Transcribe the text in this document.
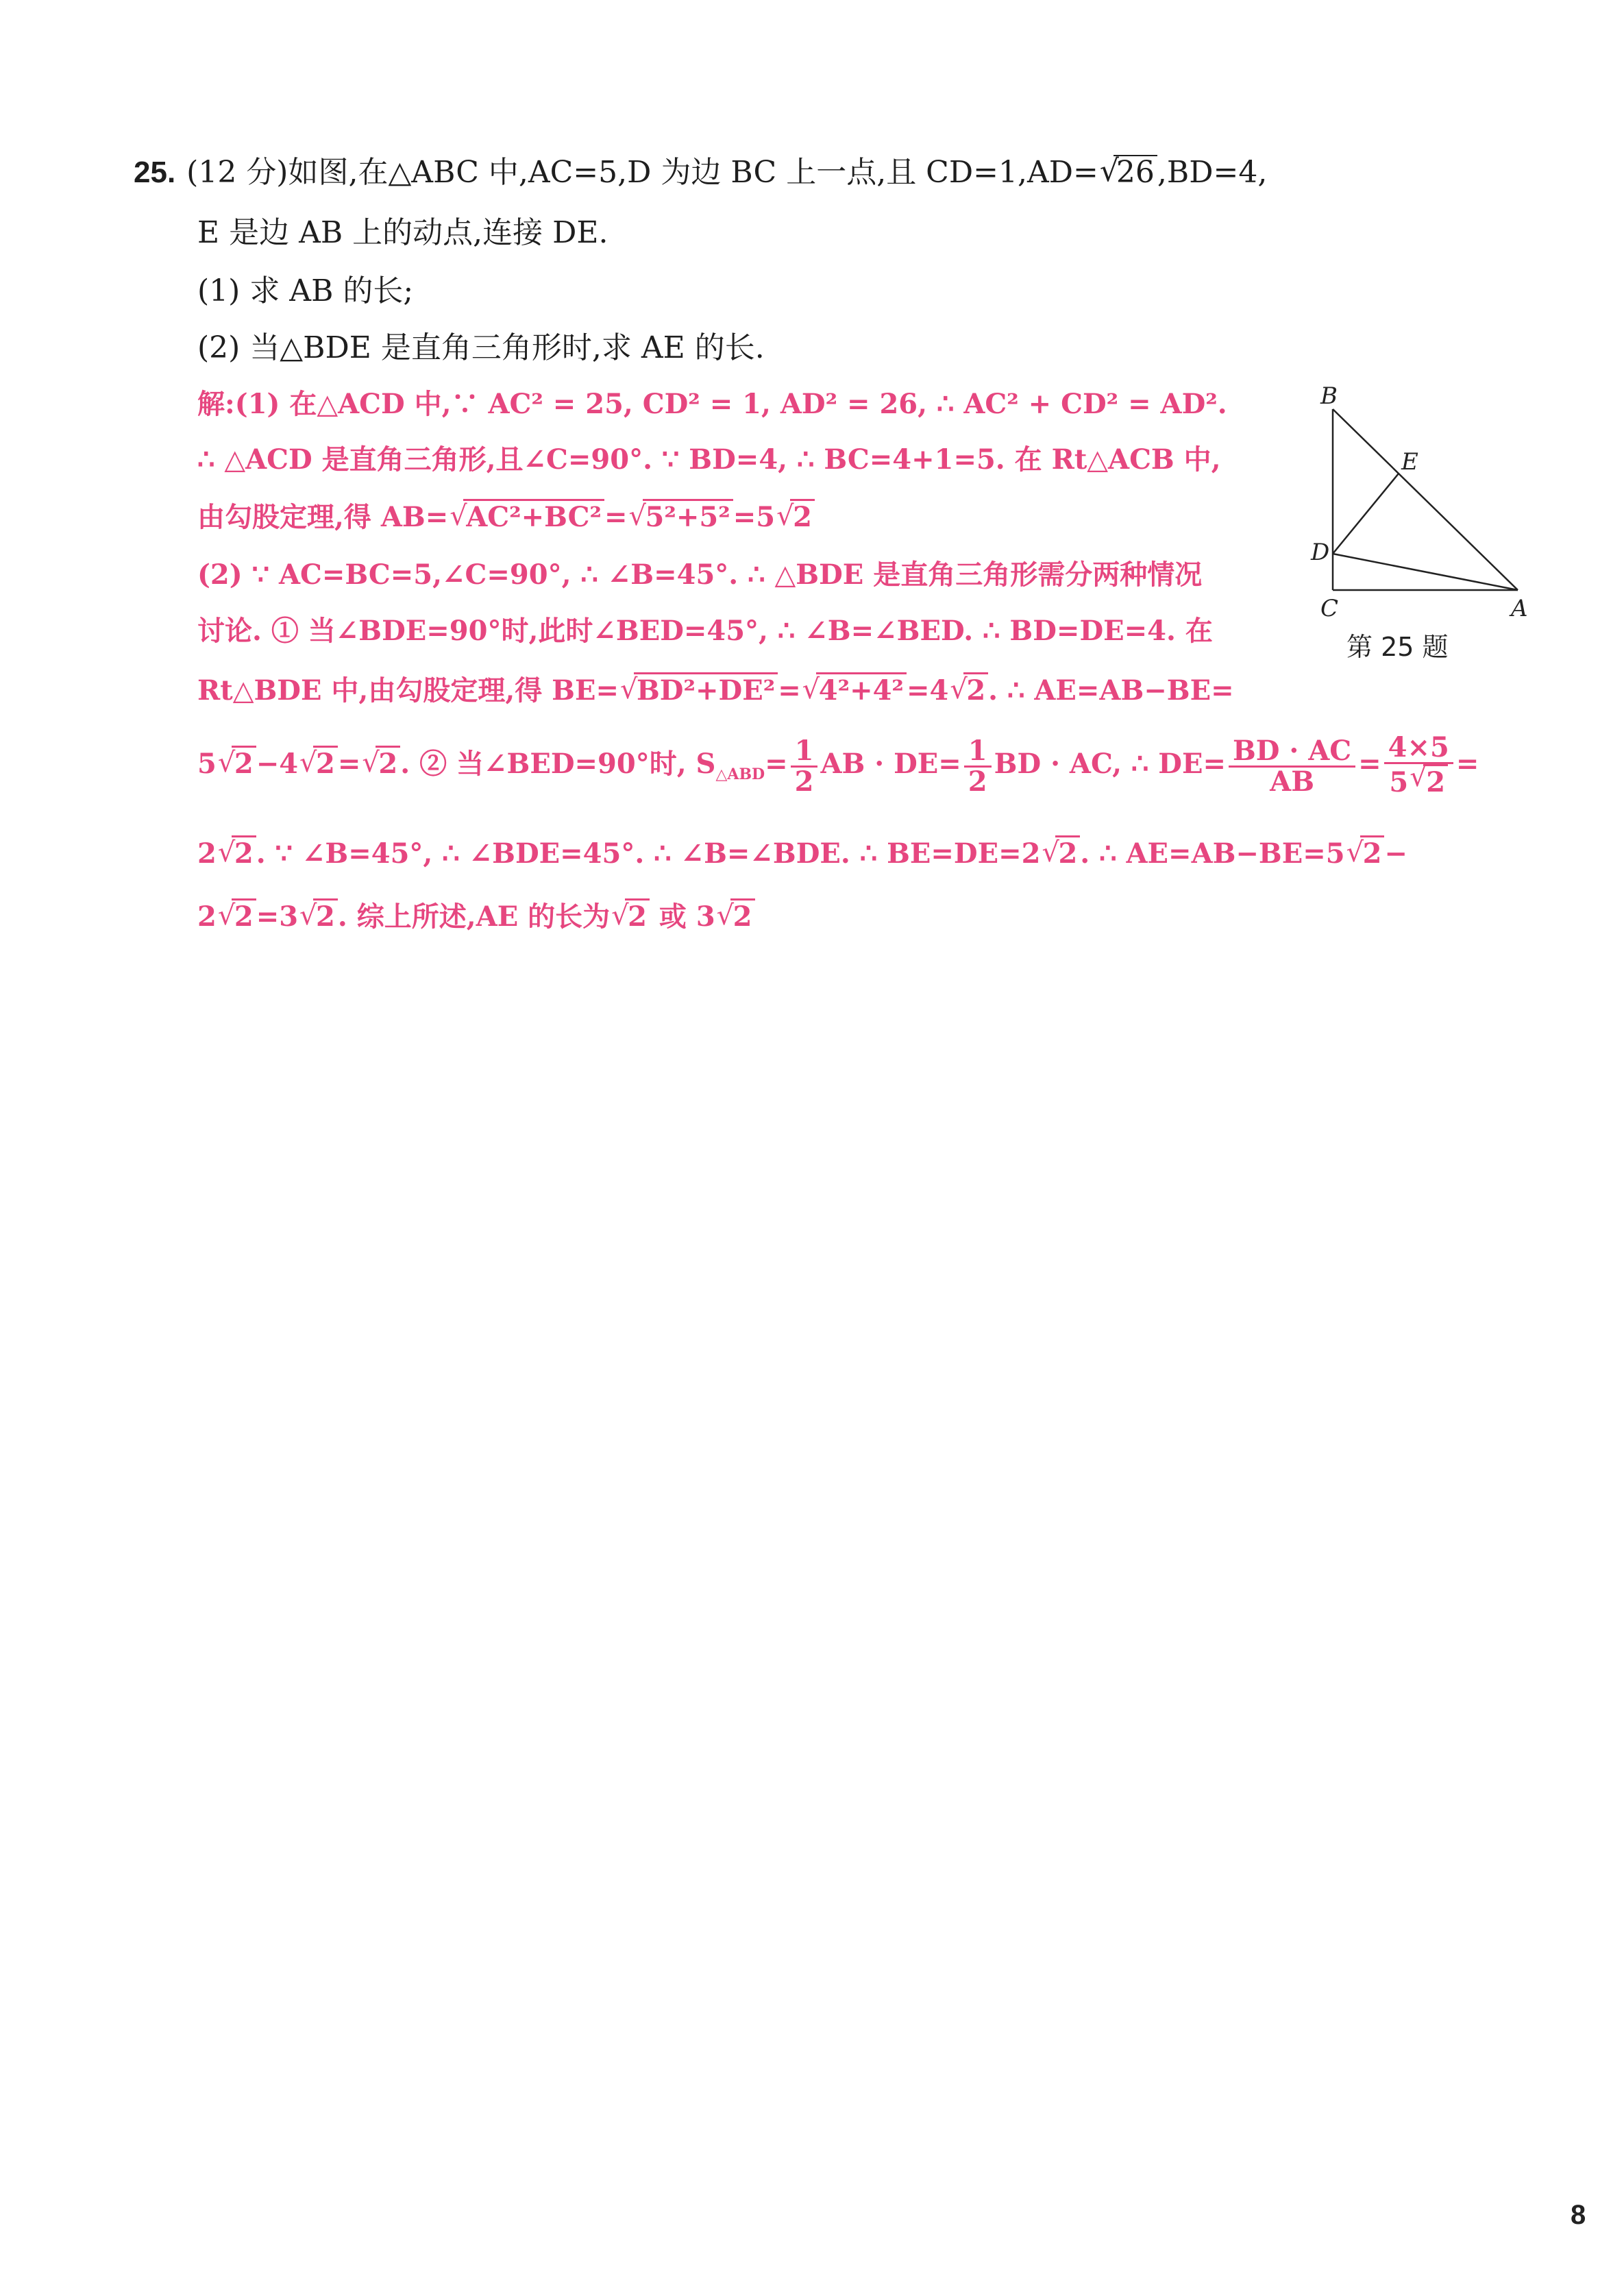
25. (12 分)如图,在△ABC 中,AC=5,D 为边 BC 上一点,且 CD=1,AD= √ 26,BD=4,
E 是边 AB 上的动点,连接 DE.
(1) 求 AB 的长;
(2) 当△BDE 是直角三角形时,求 AE 的长.
解:(1) 在△ACD 中,∵ AC² = 25, CD² = 1, AD² = 26, ∴ AC² + CD² = AD².
∴ △ACD 是直角三角形,且∠C=90°. ∵ BD=4, ∴ BC=4+1=5. 在 Rt△ACB 中,
由勾股定理,得 AB= √ AC²+BC² = √ 5²+5² =5 √ 2
(2) ∵ AC=BC=5,∠C=90°, ∴ ∠B=45°. ∴ △BDE 是直角三角形需分两种情况
讨论. ① 当∠BDE=90°时,此时∠BED=45°, ∴ ∠B=∠BED. ∴ BD=DE=4. 在
Rt△BDE 中,由勾股定理,得 BE= √ BD²+DE² = √ 4²+4² =4 √ 2 . ∴ AE=AB−BE=
5 √ 2 −4 √ 2 = √ 2 . ② 当∠BED=90°时, $S_{\triangle ABD}= \frac{1}{2}$ AB · $DE= \frac{1}{2}$ BD · AC, ∴ $DE= \frac{BD \cdot AC}{AB} = \frac{4\times 5}{5 √ 2}$ =
2 √ 2 . ∵ ∠B=45°, ∴ ∠BDE=45°. ∴ ∠B=∠BDE. ∴ BE=DE=2 √ 2 . ∴ AE=AB−BE=5 √ 2 −
2 √ 2 =3 √ 2 . 综上所述,AE 的长为 √ 2 或 3 √ 2
B
E
D
C	A
第 25 题
8
